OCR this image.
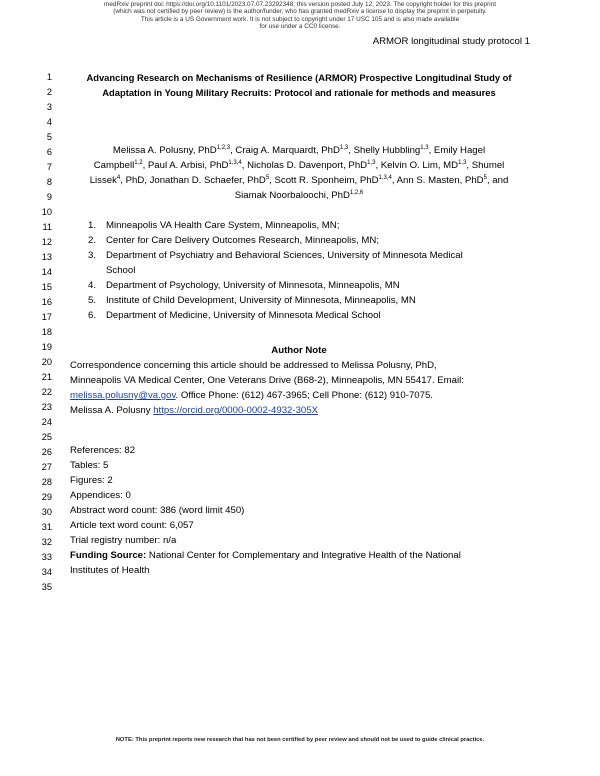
medRxiv preprint doi: https://doi.org/10.1101/2023.07.07.23292348; this version posted July 12, 2023. The copyright holder for this preprint
(which was not certified by peer review) is the author/funder, who has granted medRxiv a license to display the preprint in perpetuity.
This article is a US Government work. It is not subject to copyright under 17 USC 105 and is also made available
for use under a CC0 license.
ARMOR longitudinal study protocol 1
1
2
3
4
5
6
7
8
9
10
11
12
13
14
15
16
17
18
19
20
21
22
23
24
25
26
27
28
29
30
31
32
33
34
35
Advancing Research on Mechanisms of Resilience (ARMOR) Prospective Longitudinal Study of
Adaptation in Young Military Recruits: Protocol and rationale for methods and measures
Melissa A. Polusny, PhD$^{1,2,3}$, Craig A. Marquardt, PhD$^{1,3}$, Shelly Hubbling$^{1,3}$, Emily Hagel
Campbell$^{1,2}$, Paul A. Arbisi, PhD$^{1,3,4}$, Nicholas D. Davenport, PhD$^{1,3}$, Kelvin O. Lim, MD$^{1,3}$, Shumel
Lissek$^4$, PhD, Jonathan D. Schaefer, PhD$^5$, Scott R. Sponheim, PhD$^{1,3,4}$, Ann S. Masten, PhD$^5$, and
Siamak Noorbaloochi, PhD$^{1,2,6}$
1. Minneapolis VA Health Care System, Minneapolis, MN;
2. Center for Care Delivery Outcomes Research, Minneapolis, MN;
3. Department of Psychiatry and Behavioral Sciences, University of Minnesota Medical
School
4. Department of Psychology, University of Minnesota, Minneapolis, MN
5. Institute of Child Development, University of Minnesota, Minneapolis, MN
6. Department of Medicine, University of Minnesota Medical School
Author Note
Correspondence concerning this article should be addressed to Melissa Polusny, PhD,
Minneapolis VA Medical Center, One Veterans Drive (B68-2), Minneapolis, MN 55417. Email:
melissa.polusny@va.gov. Office Phone: (612) 467-3965; Cell Phone: (612) 910-7075.
Melissa A. Polusny https://orcid.org/0000-0002-4932-305X
References: 82
Tables: 5
Figures: 2
Appendices: 0
Abstract word count: 386 (word limit 450)
Article text word count: 6,057
Trial registry number: n/a
Funding Source: National Center for Complementary and Integrative Health of the National
Institutes of Health
NOTE: This preprint reports new research that has not been certified by peer review and should not be used to guide clinical practice.
